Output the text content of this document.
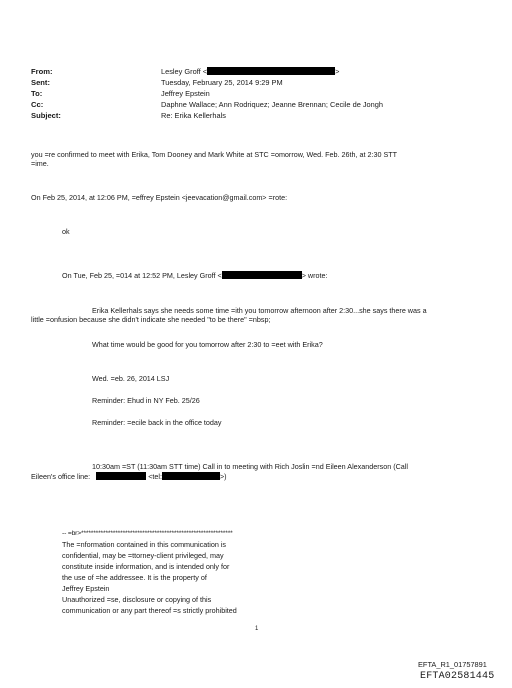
From:	Lesley Groff <	>
Sent:	Tuesday, February 25, 2014 9:29 PM
To:	Jeffrey Epstein
Cc:	Daphne Wallace; Ann Rodriquez; Jeanne Brennan; Cecile de Jongh
Subject:	Re: Erika Kellerhals
you =re confirmed to meet with Erika, Tom Dooney and Mark White at STC =omorrow, Wed. Feb. 26th, at 2:30 STT
=ime.
On Feb 25, 2014, at 12:06 PM, =effrey Epstein <jeevacation@gmail.com> =rote:
ok
On Tue, Feb 25, =014 at 12:52 PM, Lesley Groff <	> wrote:
Erika Kellerhals says she needs some time =ith you tomorrow afternoon after 2:30...she says there was a
little =onfusion because she didn't indicate she needed "to be there" =nbsp;
What time would be good for you tomorrow after 2:30 to =eet with Erika?
Wed. =eb. 26, 2014 LSJ
Reminder: Ehud in NY Feb. 25/26
Reminder: =ecile back in the office today
10:30am =ST (11:30am STT time) Call in to meeting with Rich Joslin =nd Eileen Alexanderson (Call
Eileen's office line:	<tel:	>)
-- =br>**************************************************************
The =nformation contained in this communication is
confidential, may be =ttorney-client privileged, may
constitute inside information, and is intended only for
the use of =he addressee. It is the property of
Jeffrey Epstein
Unauthorized =se, disclosure or copying of this
communication or any part thereof =s strictly prohibited
1
EFTA_R1_01757891
EFTA02581445
